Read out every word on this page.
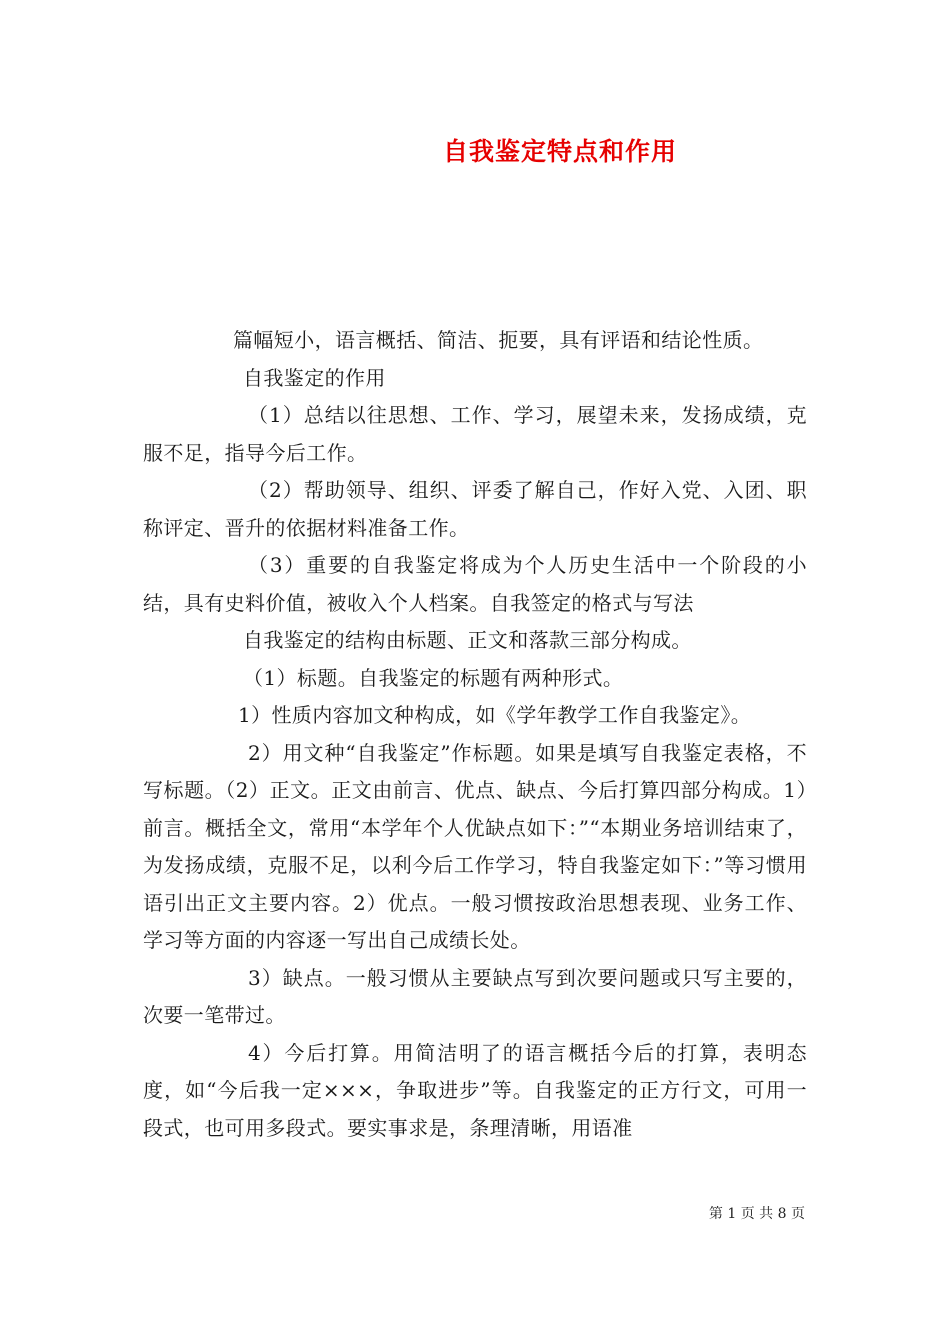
自我鉴定特点和作用

篇幅短小，语言概括、简洁、扼要，具有评语和结论性质。

自我鉴定的作用

（1）总结以往思想、工作、学习，展望未来，发扬成绩，克服不足，指导今后工作。

（2）帮助领导、组织、评委了解自己，作好入党、入团、职称评定、晋升的依据材料准备工作。

（3）重要的自我鉴定将成为个人历史生活中一个阶段的小结，具有史料价值，被收入个人档案。自我签定的格式与写法

自我鉴定的结构由标题、正文和落款三部分构成。

（1）标题。自我鉴定的标题有两种形式。

1）性质内容加文种构成，如《学年教学工作自我鉴定》。

2）用文种“自我鉴定”作标题。如果是填写自我鉴定表格，不写标题。（2）正文。正文由前言、优点、缺点、今后打算四部分构成。1）前言。概括全文，常用“本学年个人优缺点如下：”“本期业务培训结束了，为发扬成绩，克服不足，以利今后工作学习，特自我鉴定如下：”等习惯用语引出正文主要内容。2）优点。一般习惯按政治思想表现、业务工作、学习等方面的内容逐一写出自己成绩长处。

3）缺点。一般习惯从主要缺点写到次要问题或只写主要的，次要一笔带过。

4）今后打算。用简洁明了的语言概括今后的打算，表明态度，如“今后我一定×××，争取进步”等。自我鉴定的正方行文，可用一段式，也可用多段式。要实事求是，条理清晰，用语准

第 1 页 共 8 页
